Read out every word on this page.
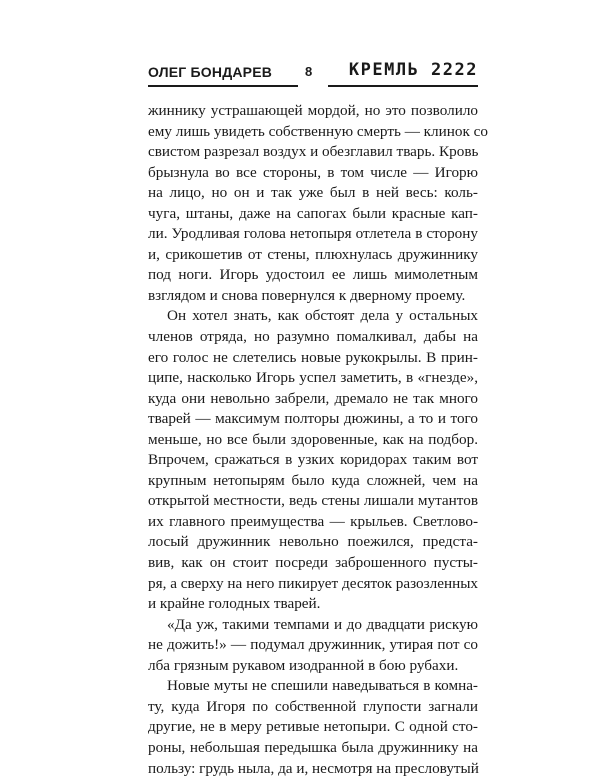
ОЛЕГ БОНДАРЕВ	8 КРЕМЛЬ 2222
жиннику устрашающей мордой, но это позволило
ему лишь увидеть собственную смерть — клинок со
свистом разрезал воздух и обезглавил тварь. Кровь
брызнула во все стороны, в том числе — Игорю
на лицо, но он и так уже был в ней весь: коль-
чуга, штаны, даже на сапогах были красные кап-
ли. Уродливая голова нетопыря отлетела в сторону
и, срикошетив от стены, плюхнулась дружиннику
под ноги. Игорь удостоил ее лишь мимолетным
взглядом и снова повернулся к дверному проему.
Он хотел знать, как обстоят дела у остальных
членов отряда, но разумно помалкивал, дабы на
его голос не слетелись новые рукокрылы. В прин-
ципе, насколько Игорь успел заметить, в «гнезде»,
куда они невольно забрели, дремало не так много
тварей — максимум полторы дюжины, а то и того
меньше, но все были здоровенные, как на подбор.
Впрочем, сражаться в узких коридорах таким вот
крупным нетопырям было куда сложней, чем на
открытой местности, ведь стены лишали мутантов
их главного преимущества — крыльев. Светлово-
лосый дружинник невольно поежился, предста-
вив, как он стоит посреди заброшенного пусты-
ря, а сверху на него пикирует десяток разозленных
и крайне голодных тварей.
«Да уж, такими темпами и до двадцати рискую
не дожить!» — подумал дружинник, утирая пот со
лба грязным рукавом изодранной в бою рубахи.
Новые муты не спешили наведываться в комна-
ту, куда Игоря по собственной глупости загнали
другие, не в меру ретивые нетопыри. С одной сто-
роны, небольшая передышка была дружиннику на
пользу: грудь ныла, да и, несмотря на пресловутый
